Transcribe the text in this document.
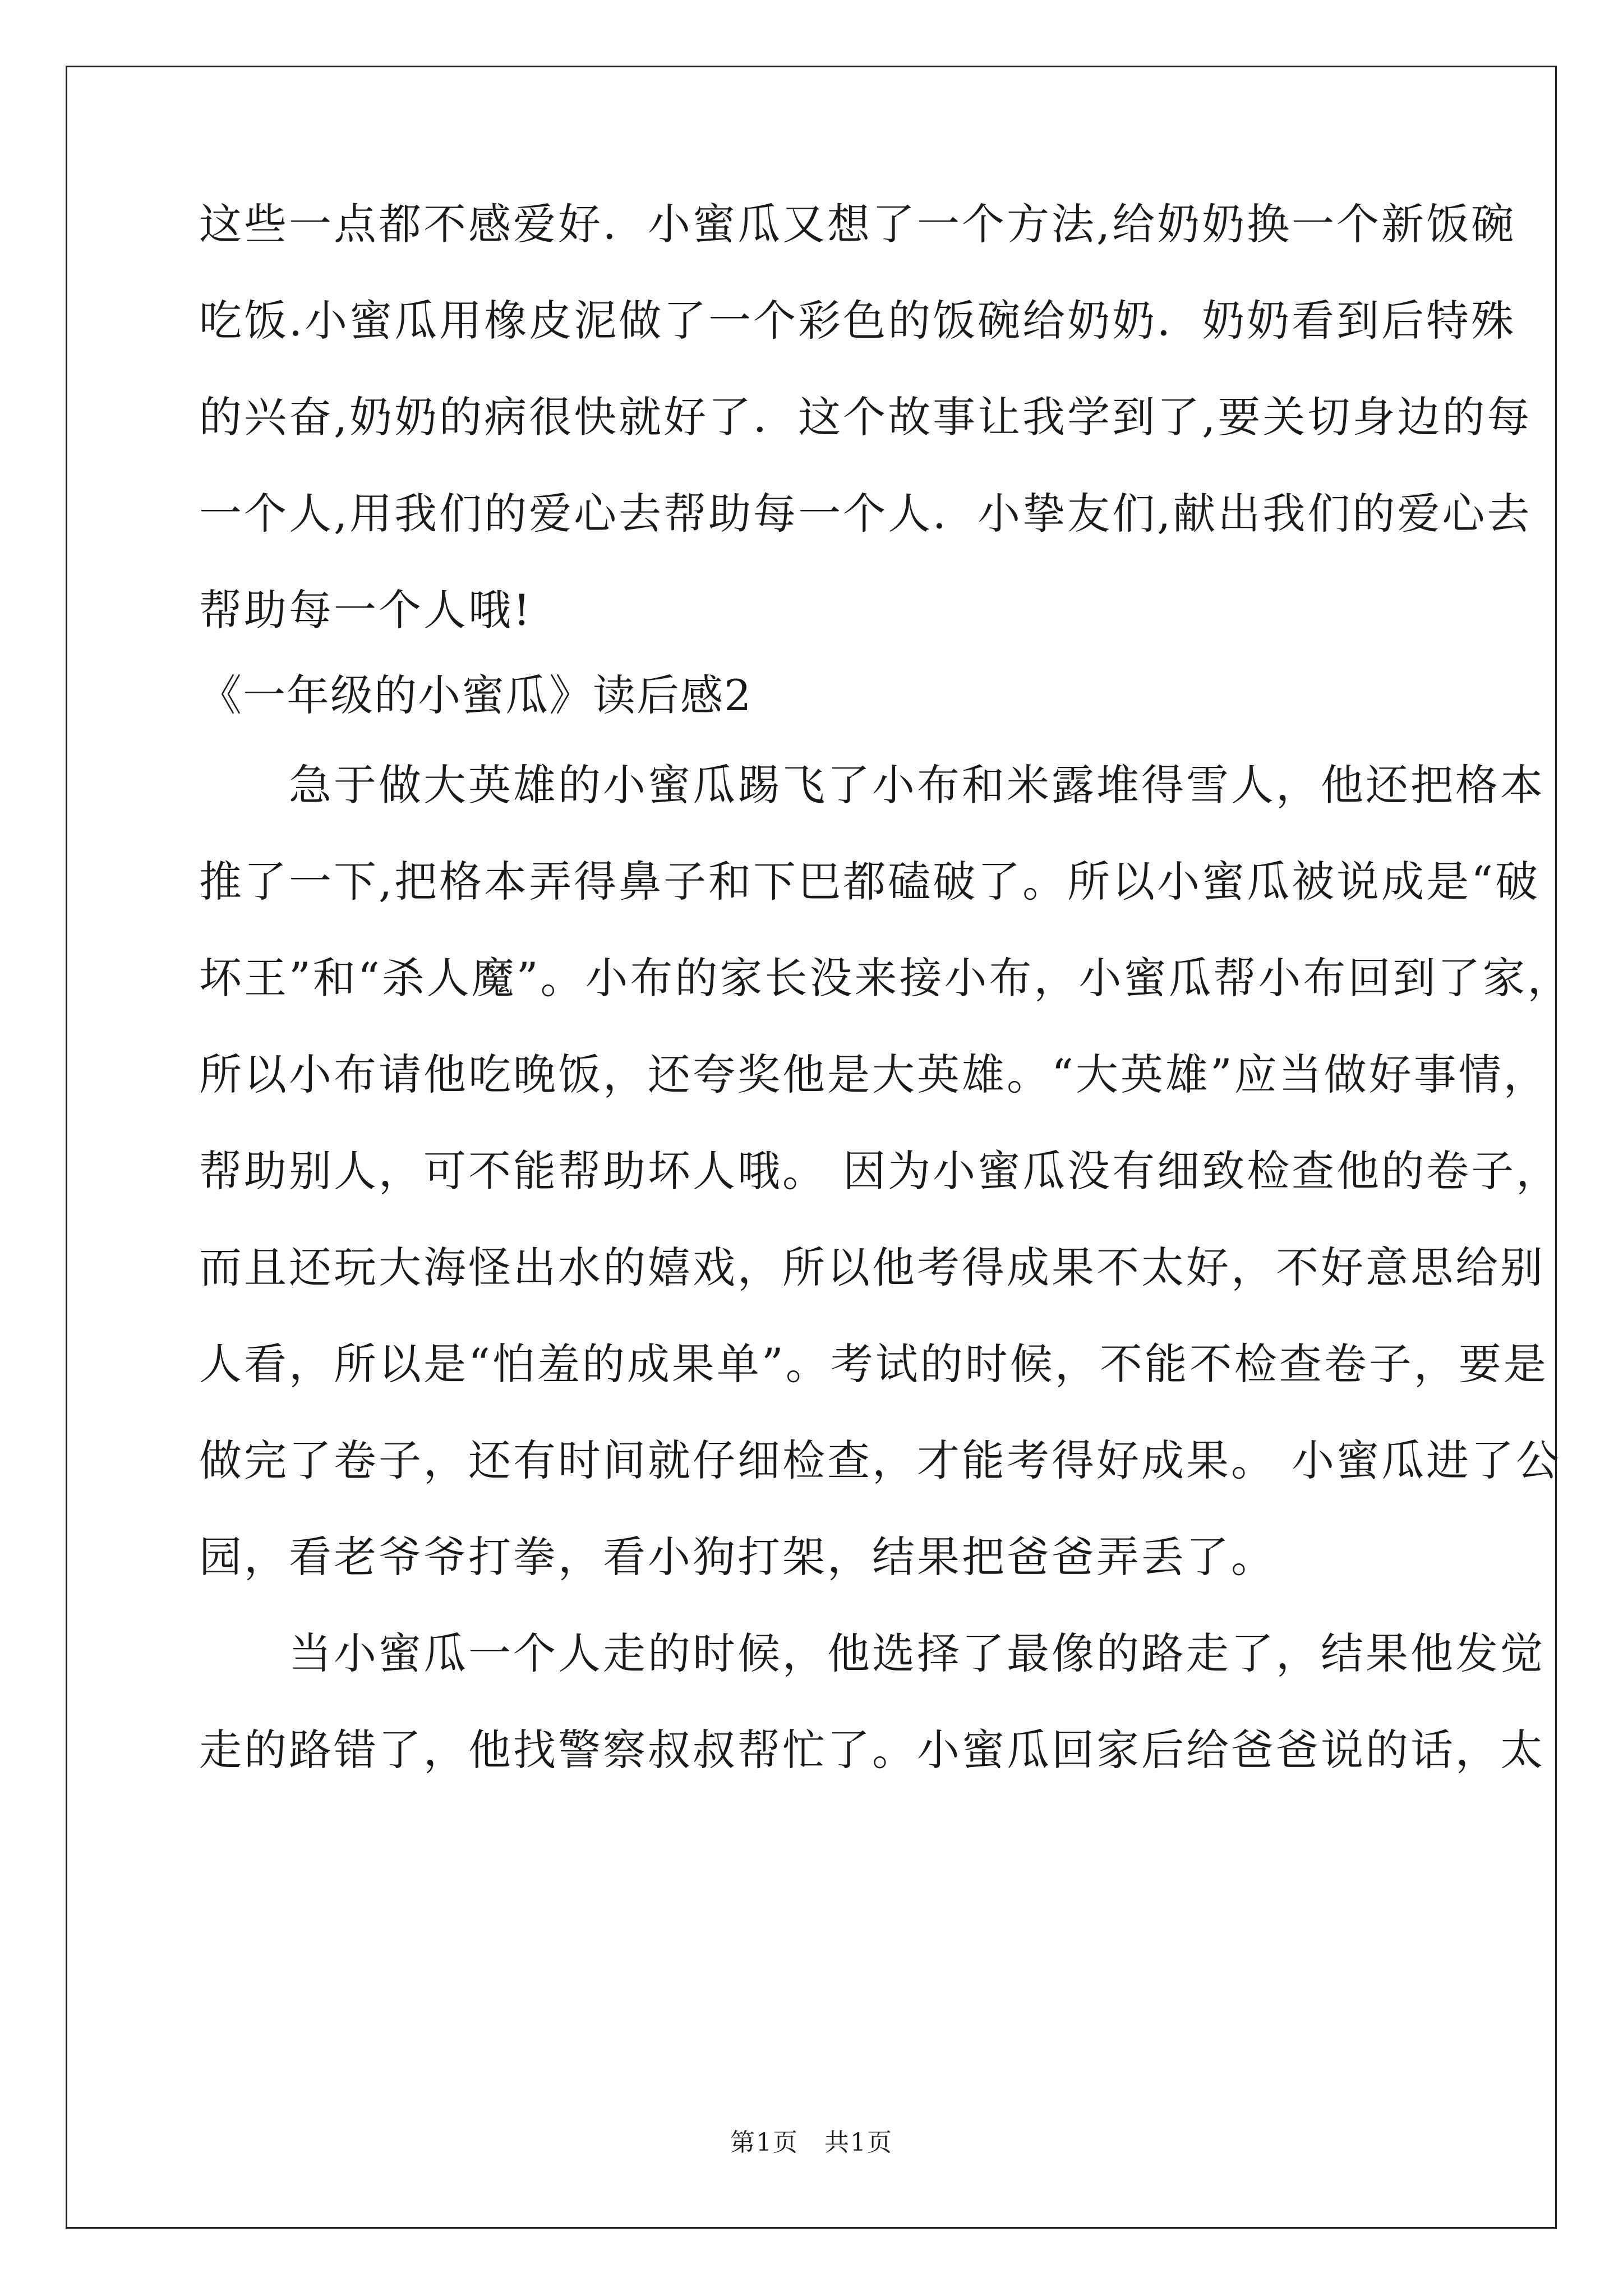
这些一点都不感爱好．小蜜瓜又想了一个方法,给奶奶换一个新饭碗
吃饭.小蜜瓜用橡皮泥做了一个彩色的饭碗给奶奶．奶奶看到后特殊
的兴奋,奶奶的病很快就好了．这个故事让我学到了,要关切身边的每
一个人,用我们的爱心去帮助每一个人．小挚友们,献出我们的爱心去
帮助每一个人哦!
《一年级的小蜜瓜》读后感2
　　急于做大英雄的小蜜瓜踢飞了小布和米露堆得雪人，他还把格本
推了一下,把格本弄得鼻子和下巴都磕破了。所以小蜜瓜被说成是“破
坏王”和“杀人魔”。小布的家长没来接小布，小蜜瓜帮小布回到了家，
所以小布请他吃晚饭，还夸奖他是大英雄。“大英雄”应当做好事情，
帮助别人，可不能帮助坏人哦。 因为小蜜瓜没有细致检查他的卷子，
而且还玩大海怪出水的嬉戏，所以他考得成果不太好，不好意思给别
人看，所以是“怕羞的成果单”。考试的时候，不能不检查卷子，要是
做完了卷子，还有时间就仔细检查，才能考得好成果。 小蜜瓜进了公
园，看老爷爷打拳，看小狗打架，结果把爸爸弄丢了。
　　当小蜜瓜一个人走的时候，他选择了最像的路走了，结果他发觉
走的路错了，他找警察叔叔帮忙了。小蜜瓜回家后给爸爸说的话，太
第1页　共1页
